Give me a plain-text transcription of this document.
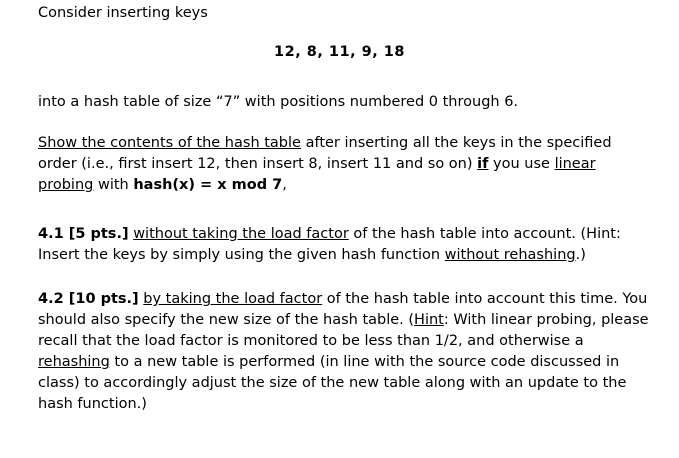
Consider inserting keys

12, 8, 11, 9, 18

into a hash table of size “7” with positions numbered 0 through 6.

Show the contents of the hash table after inserting all the keys in the specified order (i.e., first insert 12, then insert 8, insert 11 and so on) if you use linear probing with hash(x) = x mod 7,

4.1 [5 pts.] without taking the load factor of the hash table into account. (Hint: Insert the keys by simply using the given hash function without rehashing.)

4.2 [10 pts.] by taking the load factor of the hash table into account this time. You should also specify the new size of the hash table. (Hint: With linear probing, please recall that the load factor is monitored to be less than 1/2, and otherwise a rehashing to a new table is performed (in line with the source code discussed in class) to accordingly adjust the size of the new table along with an update to the hash function.)
